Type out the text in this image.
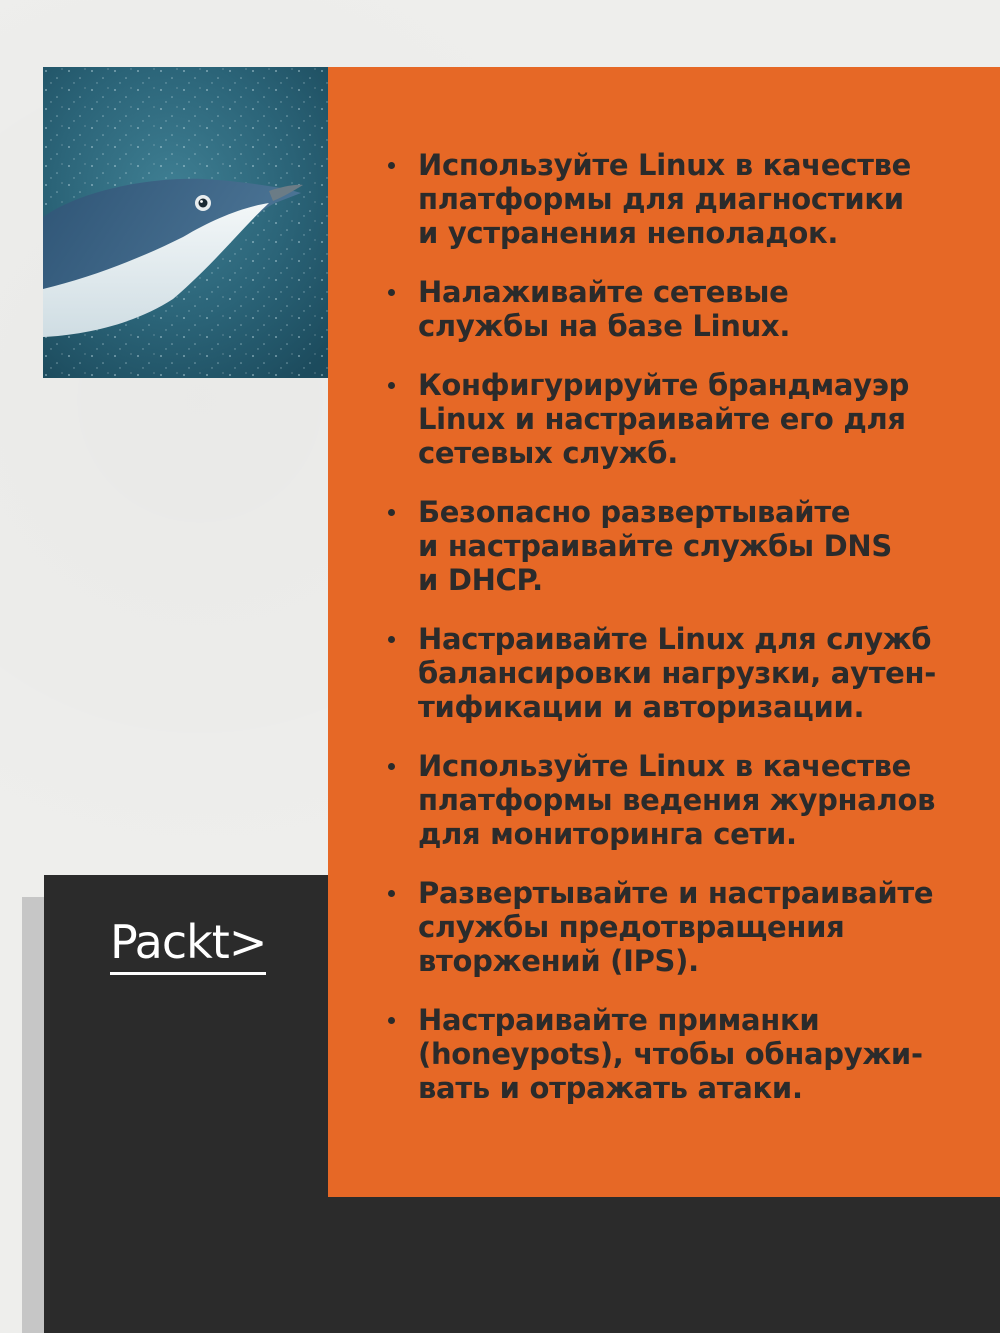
Используйте Linux в качестве
платформы для диагностики
и устранения неполадок.
Налаживайте сетевые
службы на базе Linux.
Конфигурируйте брандмауэр
Linux и настраивайте его для
сетевых служб.
Безопасно развертывайте
и настраивайте службы DNS
и DHCP.
Настраивайте Linux для служб
балансировки нагрузки, аутен-
тификации и авторизации.
Используйте Linux в качестве
платформы ведения журналов
для мониторинга сети.
Развертывайте и настраивайте
службы предотвращения
вторжений (IPS).
Настраивайте приманки
(honeypots), чтобы обнаружи-
вать и отражать атаки.
Packt>
